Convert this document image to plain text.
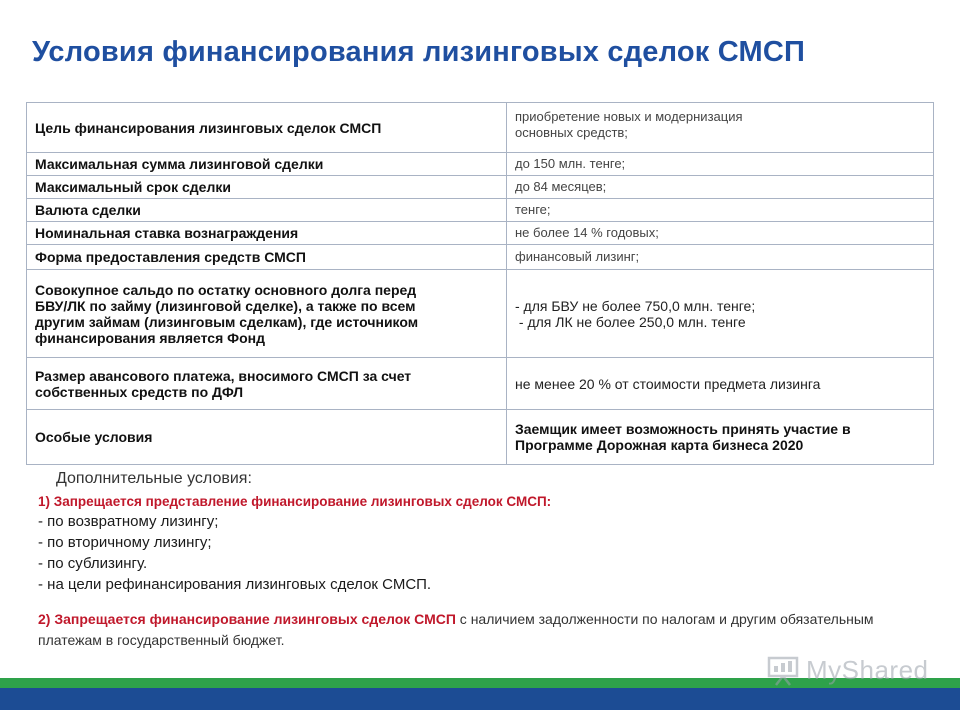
Условия финансирования лизинговых сделок СМСП
Цель финансирования лизинговых сделок СМСП	приобретение новых и модернизация
основных средств;

Максимальная сумма лизинговой сделки	до 150 млн. тенге;

Максимальный срок сделки	до 84 месяцев;

Валюта сделки	тенге;

Номинальная ставка вознаграждения	не более 14 % годовых;

Форма предоставления средств СМСП	финансовый лизинг;

Совокупное сальдо по остатку основного долга перед
БВУ/ЛК по займу (лизинговой сделке), а также по всем
другим займам (лизинговым сделкам), где источником
финансирования является Фонд	- для БВУ не более 750,0 млн. тенге;
- для ЛК не более 250,0 млн. тенге

Размер авансового платежа, вносимого СМСП за счет
собственных средств по ДФЛ	не менее 20 % от стоимости предмета лизинга

Особые условия	Заемщик имеет возможность принять участие в
Программе Дорожная карта бизнеса 2020
Дополнительные условия:
1) Запрещается представление финансирование лизинговых сделок СМСП:
- по возвратному лизингу;
- по вторичному лизингу;
- по сублизингу.
- на цели рефинансирования лизинговых сделок СМСП.
2) Запрещается финансирование лизинговых сделок СМСП с наличием задолженности по налогам и другим обязательным платежам в государственный бюджет.
MyShared
